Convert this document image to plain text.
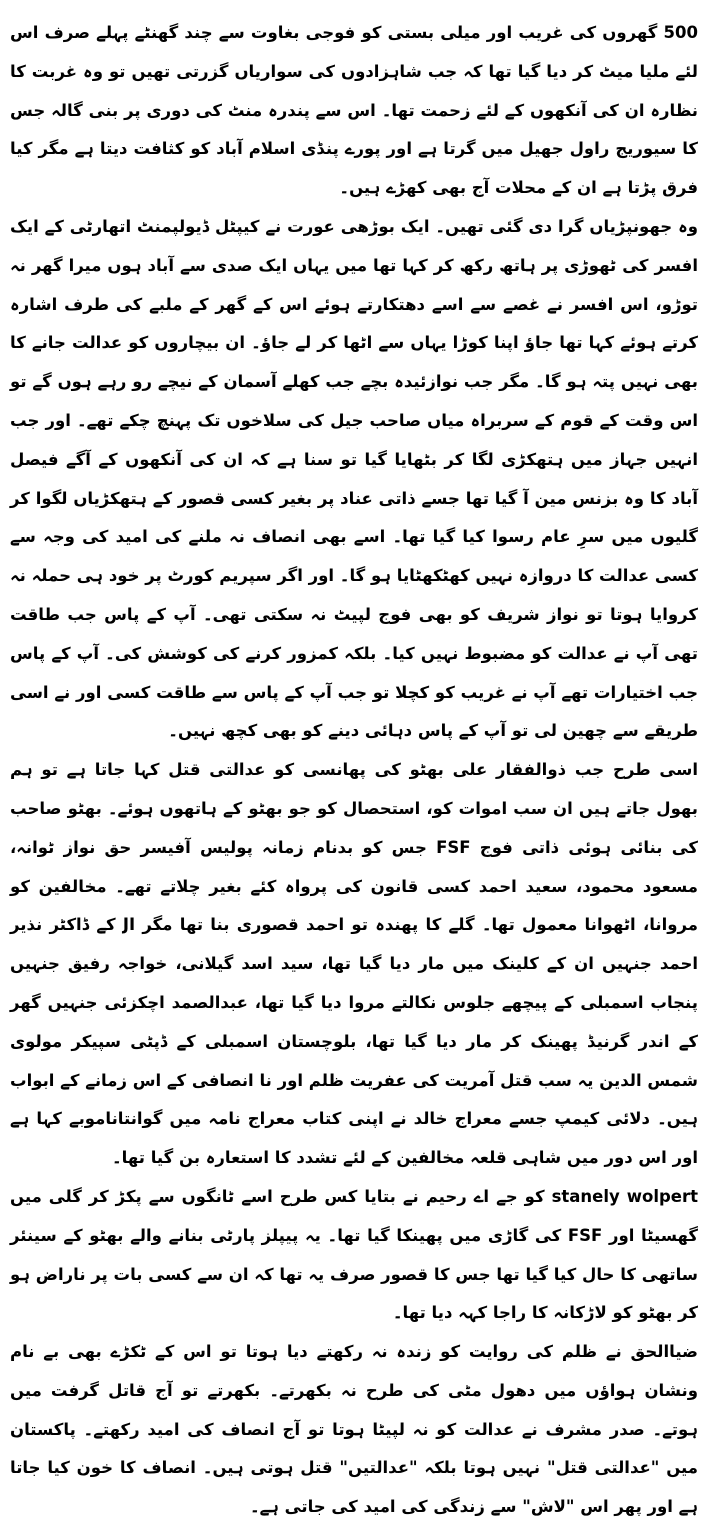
500 گھروں کی غریب اور میلی بستی کو فوجی بغاوت سے چند گھنٹے پہلے صرف اس لئے ملیا میٹ کر دیا گیا تھا کہ جب شاہزادوں کی سواریاں گزرتی تھیں تو وہ غربت کا نظارہ ان کی آنکھوں کے لئے زحمت تھا۔ اس سے پندرہ منٹ کی دوری پر بنی گالہ جس کا سیوریج راول جھیل میں گرتا ہے اور پورے پنڈی اسلام آباد کو کثافت دیتا ہے مگر کیا فرق پڑتا ہے ان کے محلات آج بھی کھڑے ہیں۔

وہ جھونپڑیاں گرا دی گئی تھیں۔ ایک بوڑھی عورت نے کیپٹل ڈیولپمنٹ اتھارٹی کے ایک افسر کی ٹھوڑی پر ہاتھ رکھ کر کہا تھا میں یہاں ایک صدی سے آباد ہوں میرا گھر نہ توڑو، اس افسر نے غصے سے اسے دھتکارتے ہوئے اس کے گھر کے ملبے کی طرف اشارہ کرتے ہوئے کہا تھا جاؤ اپنا کوڑا یہاں سے اٹھا کر لے جاؤ۔ ان بیچاروں کو عدالت جانے کا بھی نہیں پتہ ہو گا۔ مگر جب نوازئیدہ بچے جب کھلے آسمان کے نیچے رو رہے ہوں گے تو اس وقت کے قوم کے سربراہ میاں صاحب جیل کی سلاخوں تک پہنچ چکے تھے۔ اور جب انہیں جہاز میں ہتھکڑی لگا کر بٹھایا گیا تو سنا ہے کہ ان کی آنکھوں کے آگے فیصل آباد کا وہ بزنس مین آ گیا تھا جسے ذاتی عناد پر بغیر کسی قصور کے ہتھکڑیاں لگوا کر گلیوں میں سرِ عام رسوا کیا گیا تھا۔ اسے بھی انصاف نہ ملنے کی امید کی وجہ سے کسی عدالت کا دروازہ نہیں کھٹکھٹایا ہو گا۔ اور اگر سپریم کورٹ پر خود ہی حملہ نہ کروایا ہوتا تو نواز شریف کو بھی فوج لپیٹ نہ سکتی تھی۔ آپ کے پاس جب طاقت تھی آپ نے عدالت کو مضبوط نہیں کیا۔ بلکہ کمزور کرنے کی کوشش کی۔ آپ کے پاس جب اختیارات تھے آپ نے غریب کو کچلا تو جب آپ کے پاس سے طاقت کسی اور نے اسی طریقے سے چھین لی تو آپ کے پاس دہائی دینے کو بھی کچھ نہیں۔

اسی طرح جب ذوالفقار علی بھٹو کی پھانسی کو عدالتی قتل کہا جاتا ہے تو ہم بھول جاتے ہیں ان سب اموات کو، استحصال کو جو بھٹو کے ہاتھوں ہوئے۔ بھٹو صاحب کی بنائی ہوئی ذاتی فوج FSF جس کو بدنام زمانہ پولیس آفیسر حق نواز ٹوانہ، مسعود محمود، سعید احمد کسی قانون کی پرواہ کئے بغیر چلاتے تھے۔ مخالفین کو مروانا، اٹھوانا معمول تھا۔ گلے کا پھندہ تو احمد قصوری بنا تھا مگر JI کے ڈاکٹر نذیر احمد جنہیں ان کے کلینک میں مار دیا گیا تھا، سید اسد گیلانی، خواجہ رفیق جنہیں پنجاب اسمبلی کے پیچھے جلوس نکالتے مروا دیا گیا تھا، عبدالصمد اچکزئی جنہیں گھر کے اندر گرنیڈ پھینک کر مار دیا گیا تھا، بلوچستان اسمبلی کے ڈپٹی سپیکر مولوی شمس الدین یہ سب قتل آمریت کی عفریت ظلم اور نا انصافی کے اس زمانے کے ابواب ہیں۔ دلائی کیمپ جسے معراج خالد نے اپنی کتاب معراج نامہ میں گوانتاناموبے کہا ہے اور اس دور میں شاہی قلعہ مخالفین کے لئے تشدد کا استعارہ بن گیا تھا۔

stanely wolpert کو جے اے رحیم نے بتایا کس طرح اسے ٹانگوں سے پکڑ کر گلی میں گھسیٹا اور FSF کی گاڑی میں پھینکا گیا تھا۔ یہ پیپلز پارٹی بنانے والے بھٹو کے سینئر ساتھی کا حال کیا گیا تھا جس کا قصور صرف یہ تھا کہ ان سے کسی بات پر ناراض ہو کر بھٹو کو لاڑکانہ کا راجا کہہ دیا تھا۔

ضیاالحق نے ظلم کی روایت کو زندہ نہ رکھتے دیا ہوتا تو اس کے ٹکڑے بھی بے نام ونشان ہواؤں میں دھول مٹی کی طرح نہ بکھرتے۔ بکھرتے تو آج قاتل گرفت میں ہوتے۔ صدر مشرف نے عدالت کو نہ لپیٹا ہوتا تو آج انصاف کی امید رکھتے۔ پاکستان میں "عدالتی قتل" نہیں ہوتا بلکہ "عدالتیں" قتل ہوتی ہیں۔ انصاف کا خون کیا جاتا ہے اور پھر اس "لاش" سے زندگی کی امید کی جاتی ہے۔
